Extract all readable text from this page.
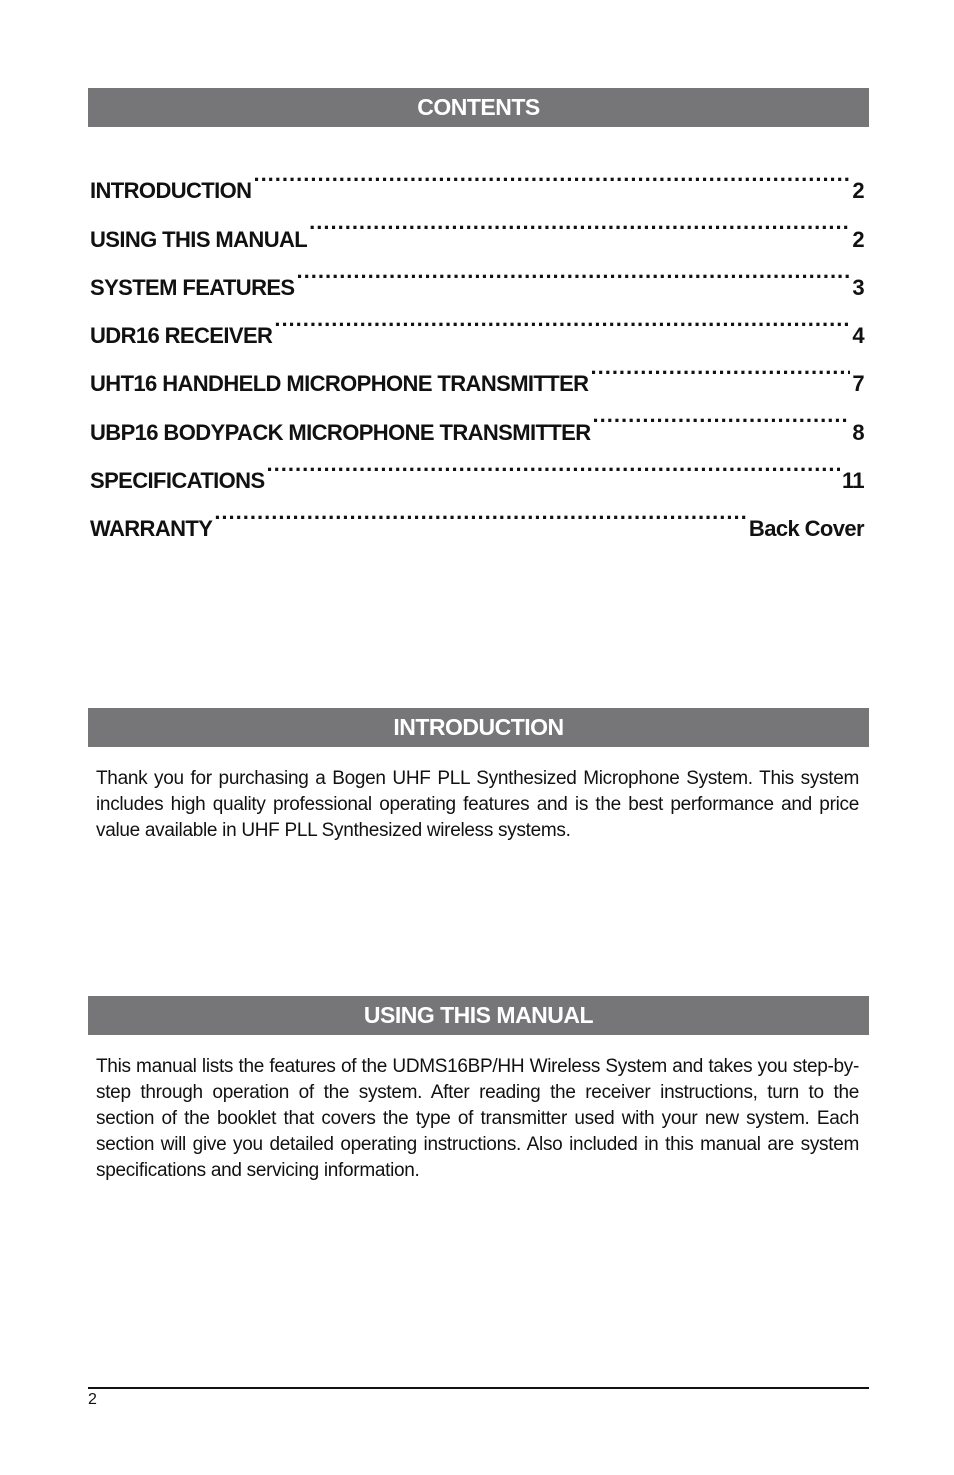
CONTENTS
INTRODUCTION .....	2
USING THIS MANUAL .....	2
SYSTEM FEATURES .....	3
UDR16 RECEIVER .....	4
UHT16 HANDHELD MICROPHONE TRANSMITTER .....	7
UBP16 BODYPACK MICROPHONE TRANSMITTER .....	8
SPECIFICATIONS .....	11
WARRANTY .....	Back Cover
INTRODUCTION

Thank you for purchasing a Bogen UHF PLL Synthesized Microphone System. This system includes high quality professional operating features and is the best performance and price value available in UHF PLL Synthesized wireless systems.

USING THIS MANUAL

This manual lists the features of the UDMS16BP/HH Wireless System and takes you step-by-step through operation of the system. After reading the receiver instructions, turn to the section of the booklet that covers the type of transmitter used with your new system. Each section will give you detailed operating instructions. Also included in this manual are system specifications and servicing information.

2
